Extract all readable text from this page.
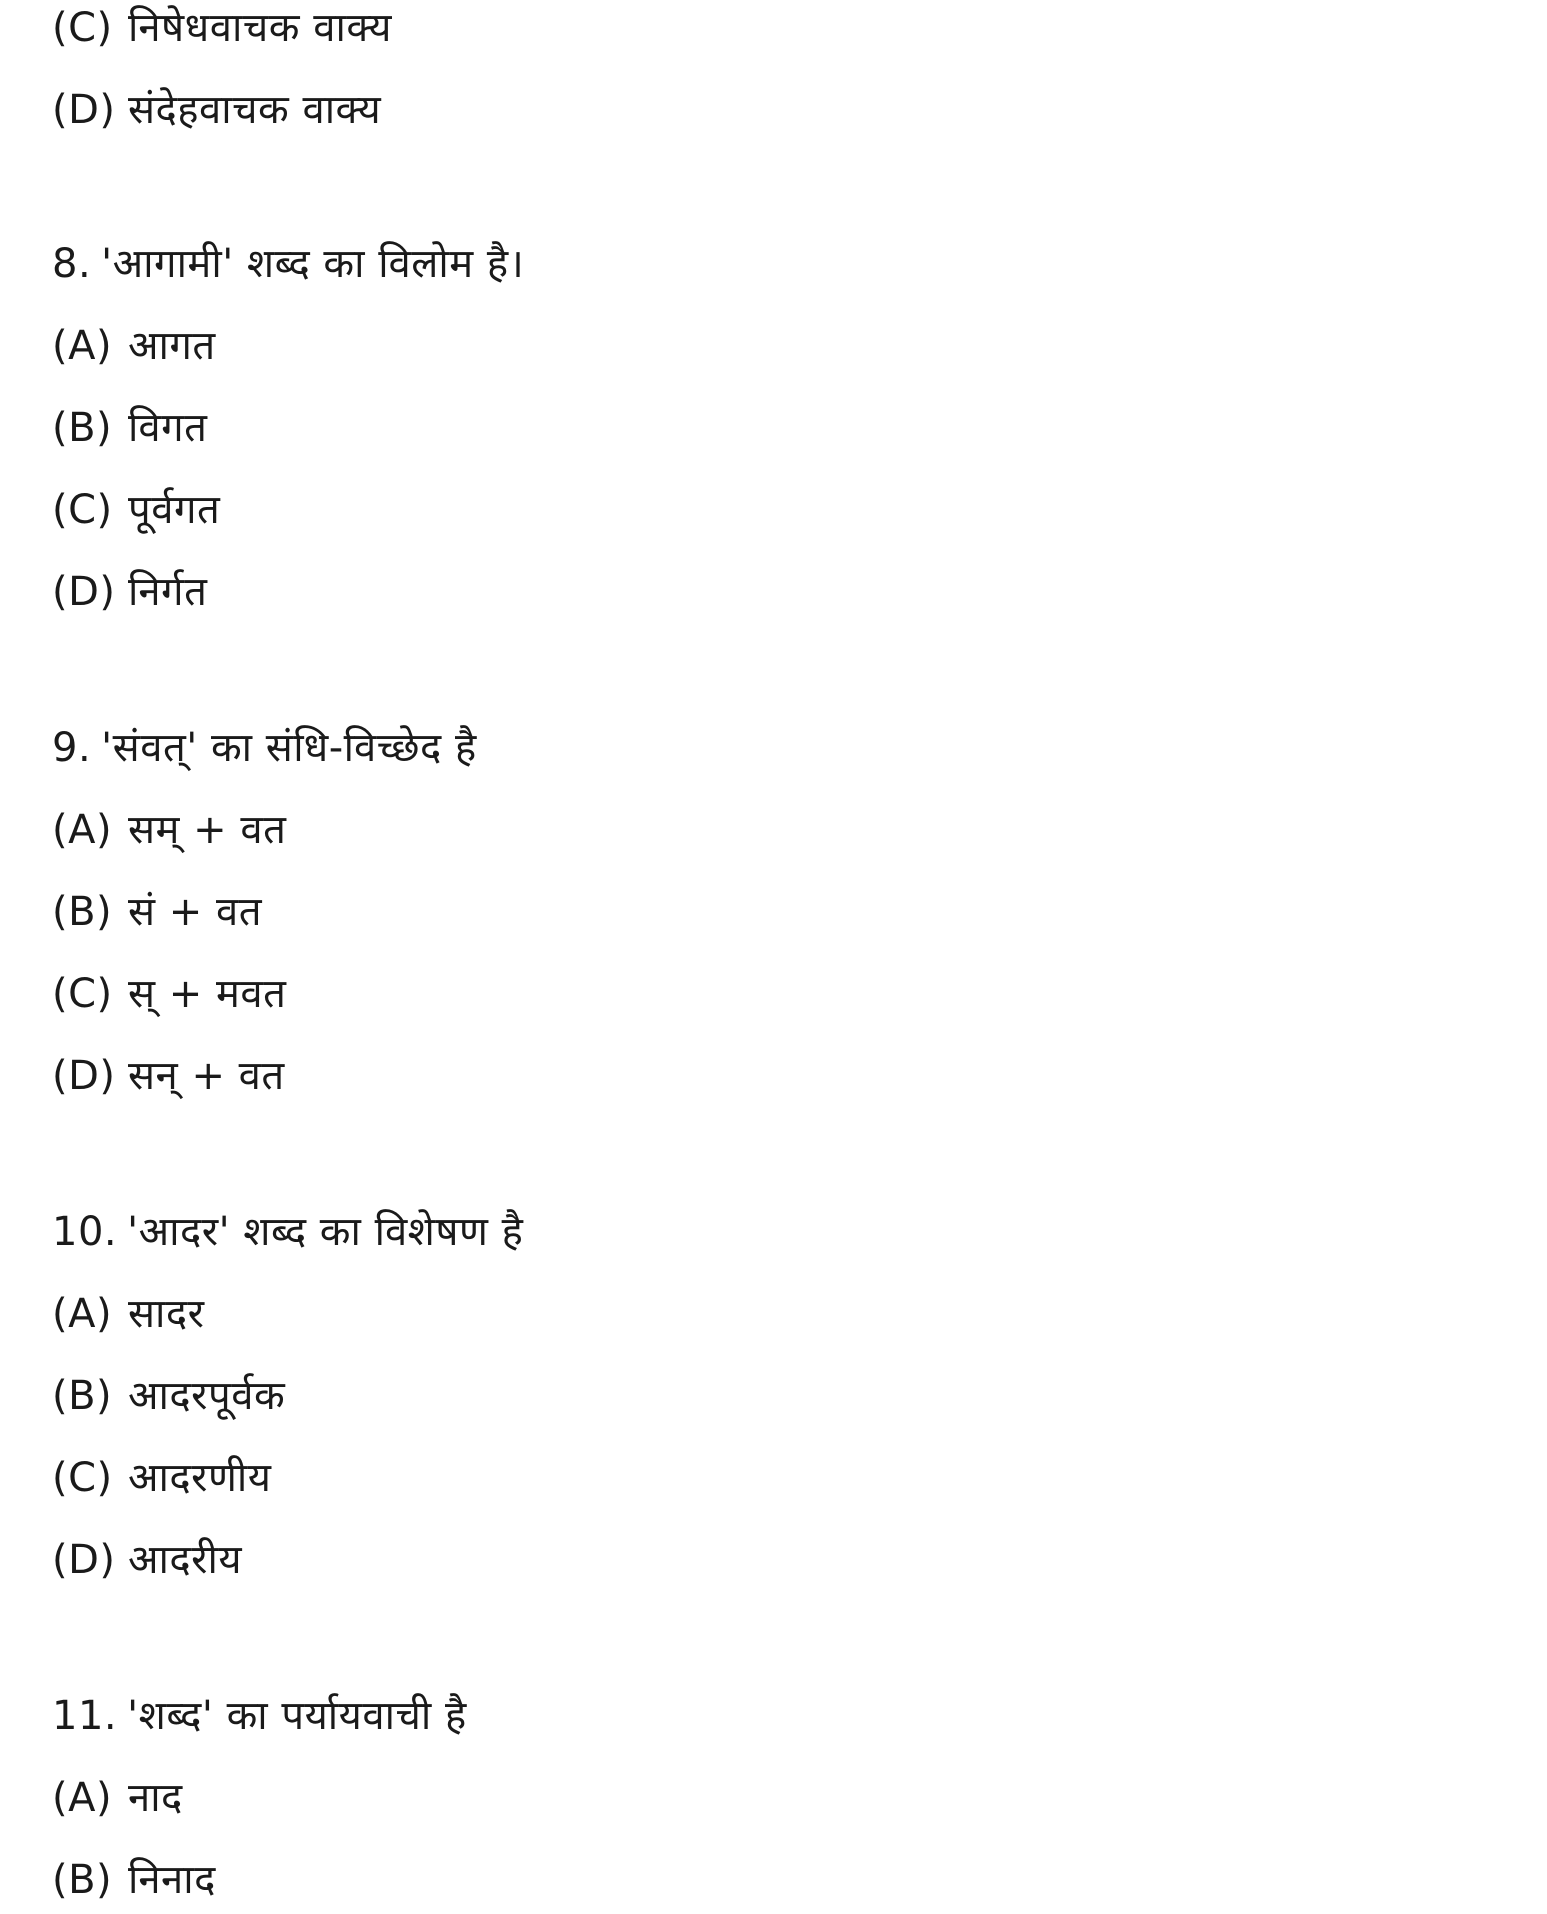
(C) निषेधवाचक वाक्य
(D) संदेहवाचक वाक्य
8. 'आगामी' शब्द का विलोम है।
(A) आगत
(B) विगत
(C) पूर्वगत
(D) निर्गत
9. 'संवत्' का संधि-विच्छेद है
(A) सम् + वत
(B) सं + वत
(C) स् + मवत
(D) सन् + वत
10. 'आदर' शब्द का विशेषण है
(A) सादर
(B) आदरपूर्वक
(C) आदरणीय
(D) आदरीय
11. 'शब्द' का पर्यायवाची है
(A) नाद
(B) निनाद
